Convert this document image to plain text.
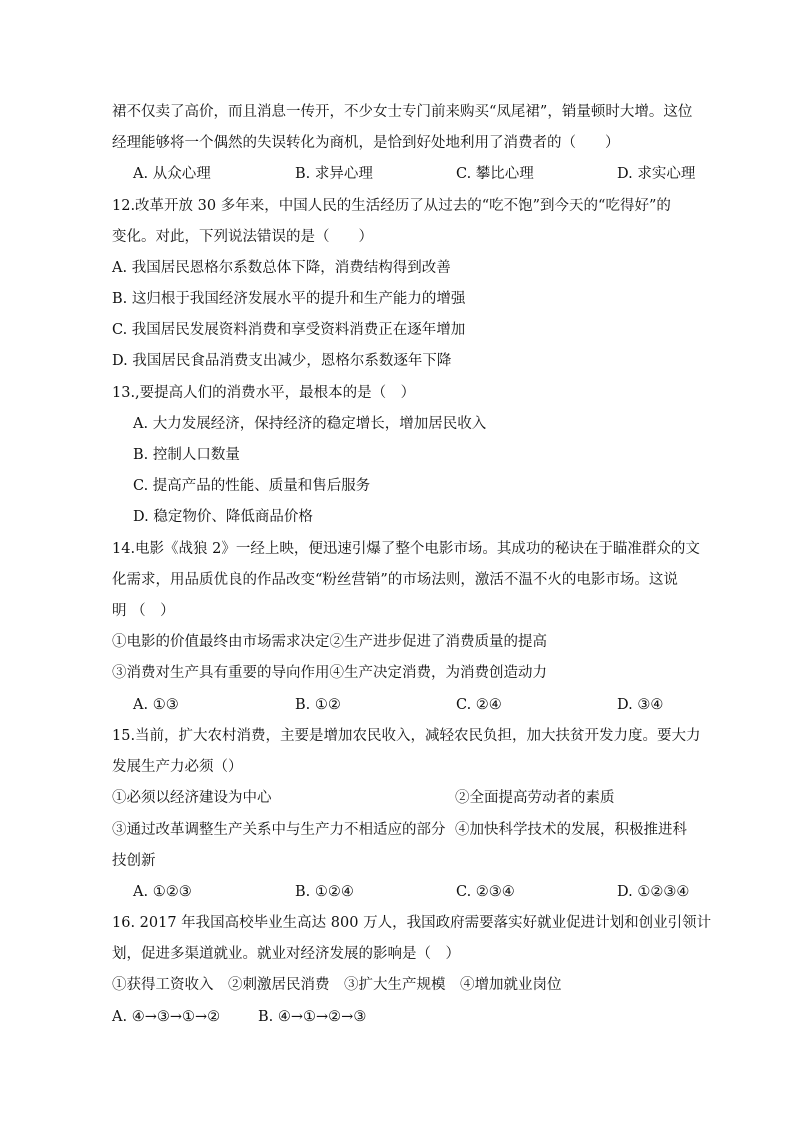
裙不仅卖了高价，而且消息一传开，不少女士专门前来购买“凤尾裙”，销量顿时大增。这位
经理能够将一个偶然的失误转化为商机，是恰到好处地利用了消费者的（　　）
A. 从众心理	B. 求异心理	C. 攀比心理	D. 求实心理
12.改革开放 30 多年来，中国人民的生活经历了从过去的“吃不饱”到今天的“吃得好”的
变化。对此，下列说法错误的是（　　）
A. 我国居民恩格尔系数总体下降，消费结构得到改善
B. 这归根于我国经济发展水平的提升和生产能力的增强
C. 我国居民发展资料消费和享受资料消费正在逐年增加
D. 我国居民食品消费支出减少，恩格尔系数逐年下降
13.,要提高人们的消费水平，最根本的是（　）
A. 大力发展经济，保持经济的稳定增长，增加居民收入
B. 控制人口数量
C. 提高产品的性能、质量和售后服务
D. 稳定物价、降低商品价格
14.电影《战狼 2》一经上映，便迅速引爆了整个电影市场。其成功的秘诀在于瞄准群众的文
化需求，用品质优良的作品改变“粉丝营销”的市场法则，激活不温不火的电影市场。这说
明 （　）
①电影的价值最终由市场需求决定②生产进步促进了消费质量的提高
③消费对生产具有重要的导向作用④生产决定消费，为消费创造动力
A. ①③	B. ①②	C. ②④	D. ③④
15.当前，扩大农村消费，主要是增加农民收入，减轻农民负担，加大扶贫开发力度。要大力
发展生产力必须（）
①必须以经济建设为中心	②全面提高劳动者的素质
③通过改革调整生产关系中与生产力不相适应的部分 ④加快科学技术的发展，积极推进科
技创新
A. ①②③	B. ①②④	C. ②③④	D. ①②③④
16. 2017 年我国高校毕业生高达 800 万人，我国政府需要落实好就业促进计划和创业引领计
划，促进多渠道就业。就业对经济发展的影响是（　）
①获得工资收入　②刺激居民消费　③扩大生产规模　④增加就业岗位
A. ④→③→①→②	B. ④→①→②→③
